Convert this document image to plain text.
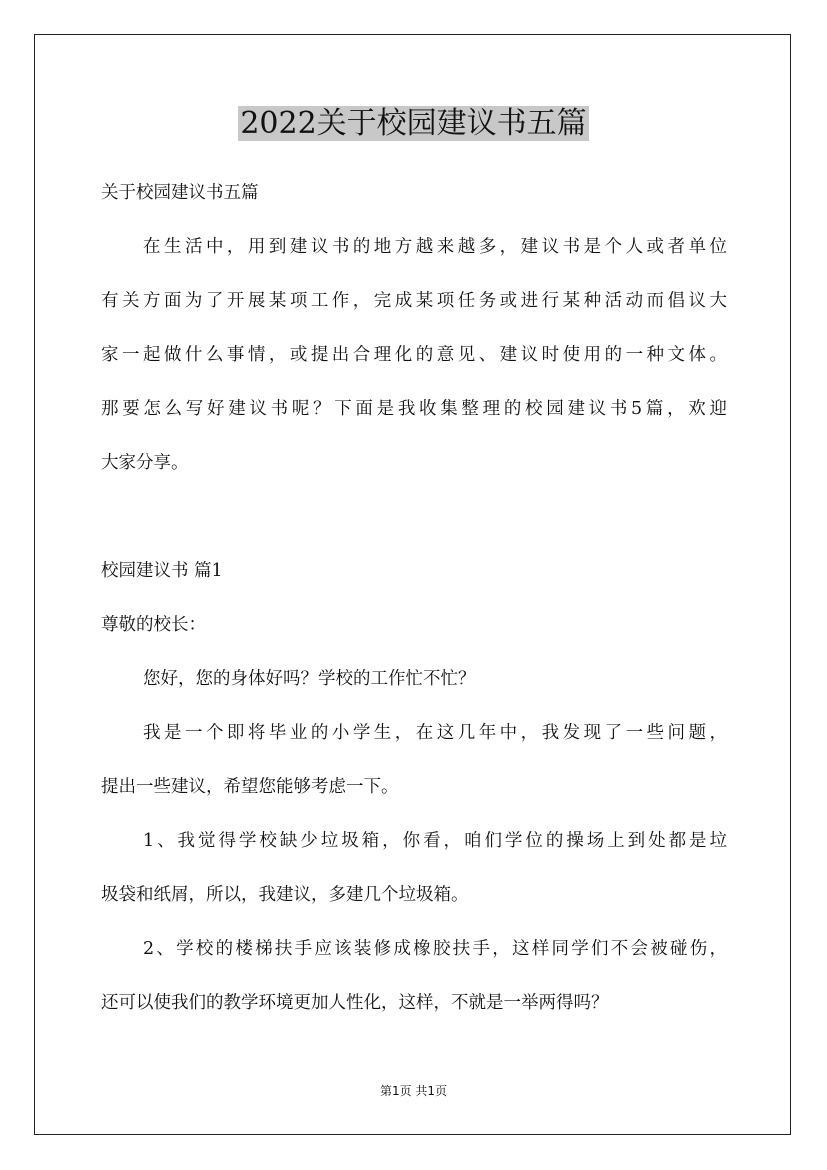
2022关于校园建议书五篇
关于校园建议书五篇
在生活中，用到建议书的地方越来越多，建议书是个人或者单位
有关方面为了开展某项工作，完成某项任务或进行某种活动而倡议大
家一起做什么事情，或提出合理化的意见、建议时使用的一种文体。
那要怎么写好建议书呢？下面是我收集整理的校园建议书5篇，欢迎
大家分享。
校园建议书 篇1
尊敬的校长：
您好，您的身体好吗？学校的工作忙不忙？
我是一个即将毕业的小学生，在这几年中，我发现了一些问题，
提出一些建议，希望您能够考虑一下。
1、我觉得学校缺少垃圾箱，你看，咱们学位的操场上到处都是垃
圾袋和纸屑，所以，我建议，多建几个垃圾箱。
2、学校的楼梯扶手应该装修成橡胶扶手，这样同学们不会被碰伤，
还可以使我们的教学环境更加人性化，这样，不就是一举两得吗？
第1页 共1页
